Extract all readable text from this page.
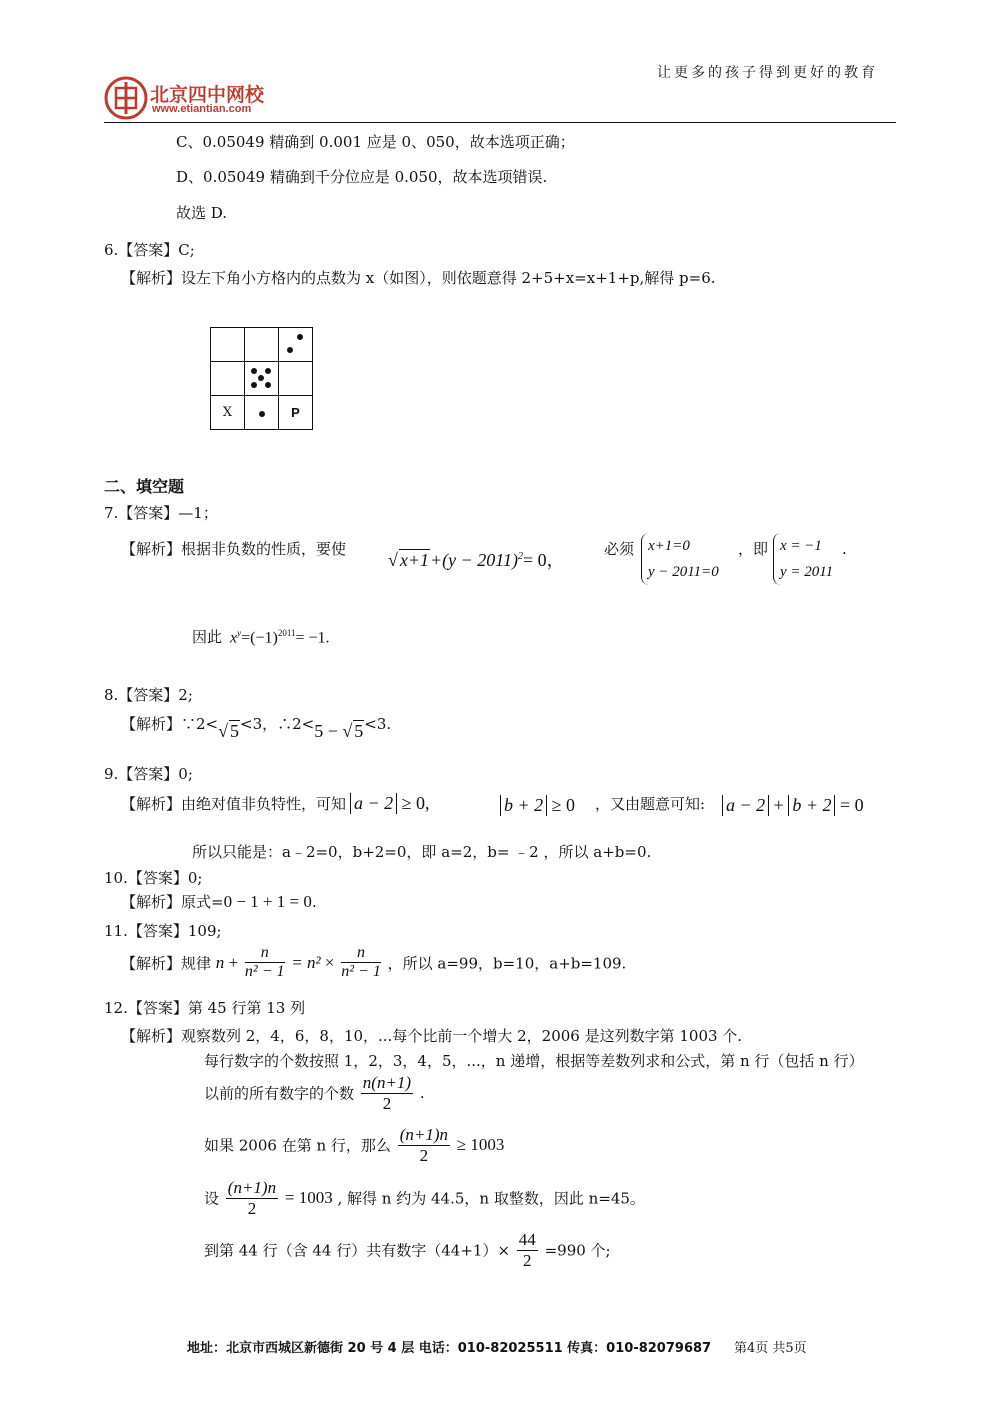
让更多的孩子得到更好的教育
北京四中网校
www.etiantian.com
C、0.05049 精确到 0.001 应是 0、050，故本选项正确；
D、0.05049 精确到千分位应是 0.050，故本选项错误.
故选 D.
6.【答案】C;
【解析】设左下角小方格内的点数为 x（如图），则依题意得 2+5+x=x+1+p,解得 p=6.

X		P
二、填空题
7.【答案】—1；
【解析】根据非负数的性质，要使
√ $x+1+(y - 2011)^2= 0$，
必须 x+1=0
y − 2011=0
，即 x = −1
y = 2011
.
因此 $x^y=(-1)^{2011}= -1$.
8.【答案】2;
【解析】∵2<√ 5<3，∴2<5 − √ 5<3.
9.【答案】0;
【解析】由绝对值非负特性，可知 a − 2 ≥ 0,	b + 2 ≥ 0 ，又由题意可知: a − 2 + b + 2 = 0
所以只能是：a﹣2=0，b+2=0，即 a=2，b= ﹣2 ，所以 a+b=0.
10.【答案】0;
【解析】原式=0 − 1 + 1 = 0.
11.【答案】109;
【解析】规律 $n + \frac{n}{\text{n² − 1}} = n^2 \times \frac{n}{\text{n² − 1}}$ ，所以 a=99，b=10，a+b=109.
12.【答案】第 45 行第 13 列
【解析】观察数列 2，4，6，8，10，...每个比前一个增大 2，2006 是这列数字第 1003 个.
每行数字的个数按照 1，2，3，4，5，...，n 递增，根据等差数列求和公式，第 n 行（包括 n 行）
以前的所有数字的个数 $\frac{n(n+1)}{2}$ .
如果 2006 在第 n 行，那么 $\frac{(n+1)n}{2} \ge 1003$
设 $\frac{(n+1)n}{2} = 1003$ , 解得 n 约为 44.5，n 取整数，因此 n=45。
到第 44 行（含 44 行）共有数字$(44+1)\times \frac{44}{2} =990$ 个;
地址：北京市西城区新德街 20 号 4 层 电话：010-82025511 传真：010-82079687 第4页 共5页
